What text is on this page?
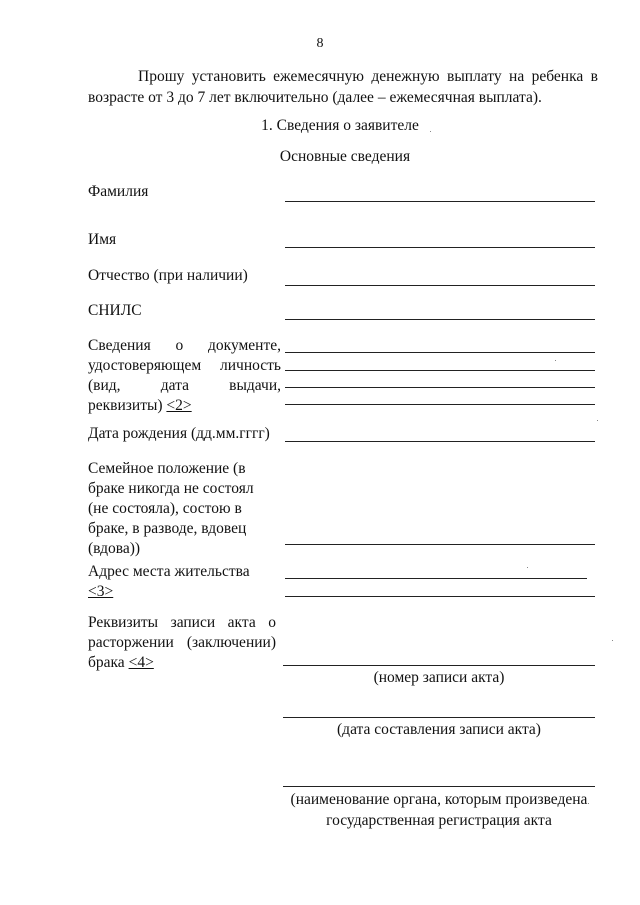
8
Прошу установить ежемесячную денежную выплату на ребенка в возрасте от 3 до 7 лет включительно (далее – ежемесячная выплата).
1. Сведения о заявителе
Основные сведения
Фамилия
Имя
Отчество (при наличии)
СНИЛС
Сведения о документе, удостоверяющем личность (вид, дата выдачи, реквизиты) <2>
Дата рождения (дд.мм.гггг)
Семейное положение (в браке никогда не состоял (не состояла), состою в браке, в разводе, вдовец (вдова))
Адрес места жительства
<3>
Реквизиты записи акта о расторжении (заключении) брака <4>
(номер записи акта)
(дата составления записи акта)
(наименование органа, которым произведена государственная регистрация акта
